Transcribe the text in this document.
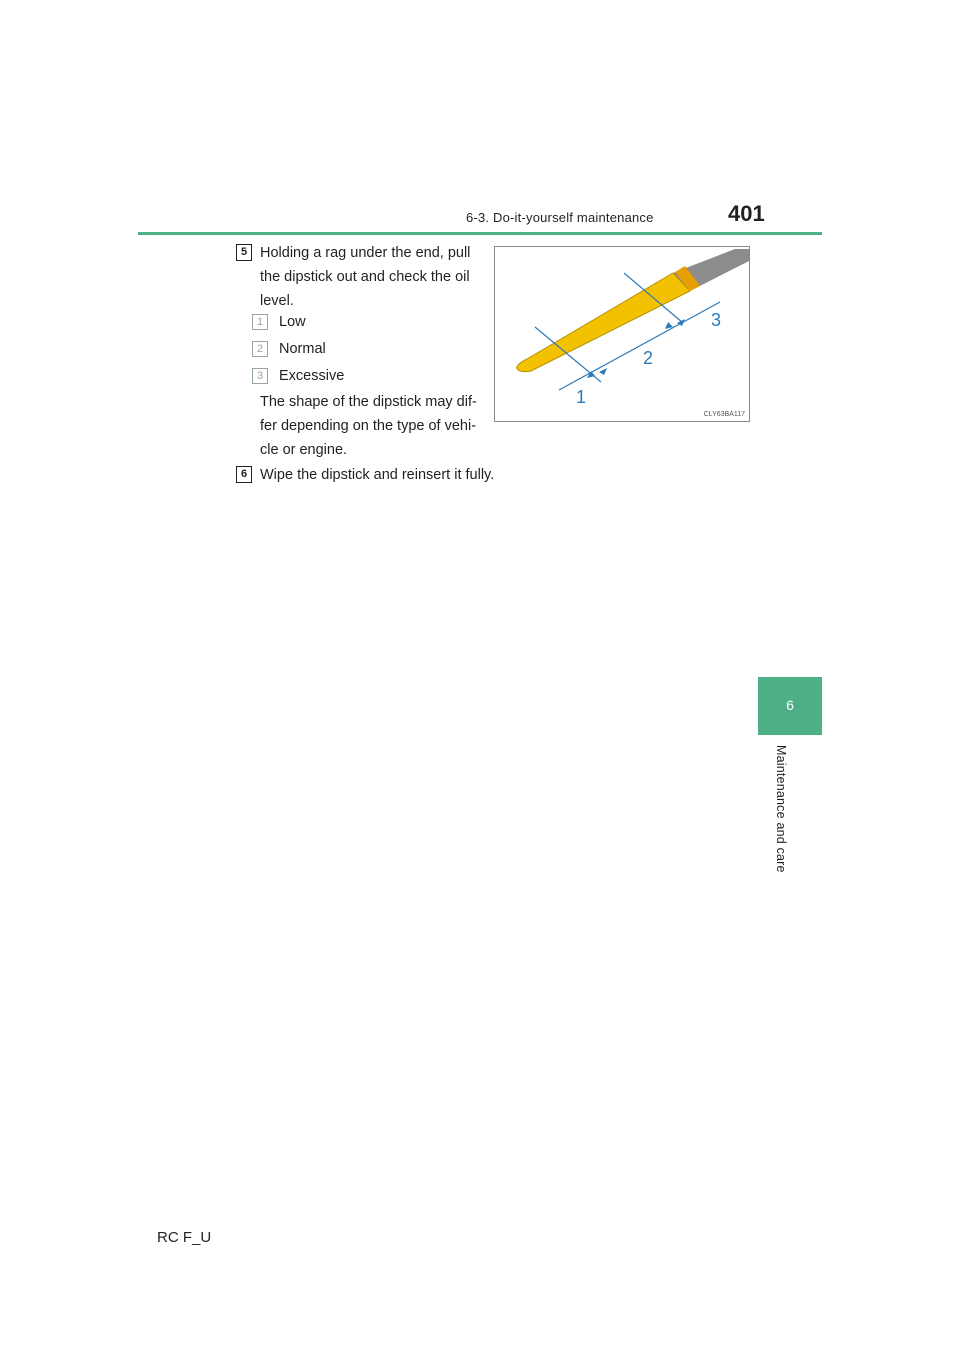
6-3. Do-it-yourself maintenance	401
6
Maintenance and care
5 Holding a rag under the end, pull
the dipstick out and check the oil
level.
1	Low
2	Normal
3	Excessive
The shape of the dipstick may dif-
fer depending on the type of vehi-
cle or engine.
6 Wipe the dipstick and reinsert it fully.
1
2
3
CLY63BA117
RC F_U
